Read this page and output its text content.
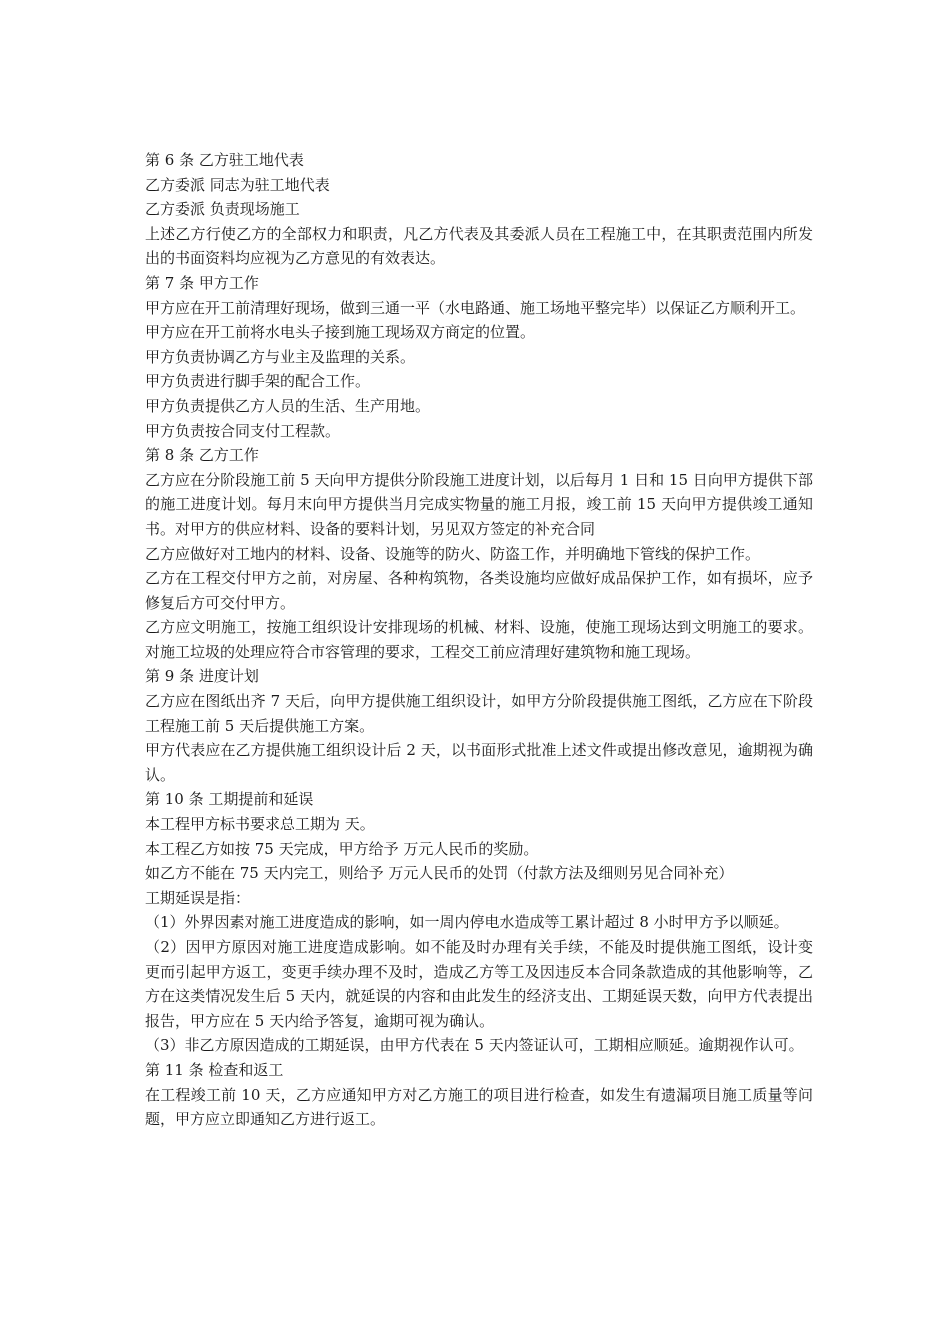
第 6 条 乙方驻工地代表

乙方委派 同志为驻工地代表

乙方委派 负责现场施工

上述乙方行使乙方的全部权力和职责，凡乙方代表及其委派人员在工程施工中，在其职责范围内所发出的书面资料均应视为乙方意见的有效表达。

第 7 条 甲方工作

甲方应在开工前清理好现场，做到三通一平（水电路通、施工场地平整完毕）以保证乙方顺利开工。

甲方应在开工前将水电头子接到施工现场双方商定的位置。

甲方负责协调乙方与业主及监理的关系。

甲方负责进行脚手架的配合工作。

甲方负责提供乙方人员的生活、生产用地。

甲方负责按合同支付工程款。

第 8 条 乙方工作

乙方应在分阶段施工前 5 天向甲方提供分阶段施工进度计划，以后每月 1 日和 15 日向甲方提供下部的施工进度计划。每月末向甲方提供当月完成实物量的施工月报，竣工前 15 天向甲方提供竣工通知书。对甲方的供应材料、设备的要料计划，另见双方签定的补充合同

乙方应做好对工地内的材料、设备、设施等的防火、防盗工作，并明确地下管线的保护工作。

乙方在工程交付甲方之前，对房屋、各种构筑物，各类设施均应做好成品保护工作，如有损坏，应予修复后方可交付甲方。

乙方应文明施工，按施工组织设计安排现场的机械、材料、设施，使施工现场达到文明施工的要求。对施工垃圾的处理应符合市容管理的要求，工程交工前应清理好建筑物和施工现场。

第 9 条 进度计划

乙方应在图纸出齐 7 天后，向甲方提供施工组织设计，如甲方分阶段提供施工图纸，乙方应在下阶段工程施工前 5 天后提供施工方案。

甲方代表应在乙方提供施工组织设计后 2 天，以书面形式批准上述文件或提出修改意见，逾期视为确认。

第 10 条 工期提前和延误

本工程甲方标书要求总工期为 天。

本工程乙方如按 75 天完成，甲方给予 万元人民币的奖励。

如乙方不能在 75 天内完工，则给予 万元人民币的处罚（付款方法及细则另见合同补充）

工期延误是指：

（1）外界因素对施工进度造成的影响，如一周内停电水造成等工累计超过 8 小时甲方予以顺延。

（2）因甲方原因对施工进度造成影响。如不能及时办理有关手续，不能及时提供施工图纸，设计变更而引起甲方返工，变更手续办理不及时，造成乙方等工及因违反本合同条款造成的其他影响等，乙方在这类情况发生后 5 天内，就延误的内容和由此发生的经济支出、工期延误天数，向甲方代表提出报告，甲方应在 5 天内给予答复，逾期可视为确认。

（3）非乙方原因造成的工期延误，由甲方代表在 5 天内签证认可，工期相应顺延。逾期视作认可。

第 11 条 检查和返工

在工程竣工前 10 天，乙方应通知甲方对乙方施工的项目进行检查，如发生有遗漏项目施工质量等问题，甲方应立即通知乙方进行返工。
